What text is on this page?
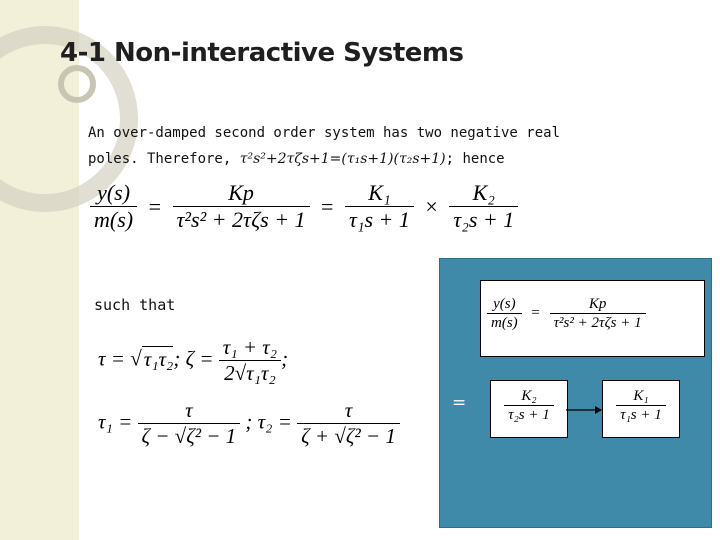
4-1 Non-interactive Systems
An over-damped second order system has two negative real
poles. Therefore, τ²s²+2τζs+1=(τ₁s+1)(τ₂s+1); hence
$\frac{y(s)}{m(s)} = \frac{Kp}{\text{τ²s² + 2τζs + 1}} = \frac{\text{K₁}}{\text{τ₁s + 1}} \times \frac{\text{K₂}}{\text{τ₂s + 1}}$
such that
τ = √τ₁τ₂; $\zeta = \frac{\text{τ₁ + τ₂}}{\text{2√τ₁τ₂}}$ ;
$\tau_1 = \frac{\tau}{\text{ζ − √ζ² − 1}}$ ; $\tau_2 = \frac{\tau}{\text{ζ + √ζ² − 1}}$
$\frac{y(s)}{m(s)} = \frac{Kp}{\text{τ²s² + 2τζs + 1}}$
=	$\frac{\text{K₂}}{\text{τ₂s + 1}}$	$\frac{\text{K₁}}{\text{τ₁s + 1}}$
